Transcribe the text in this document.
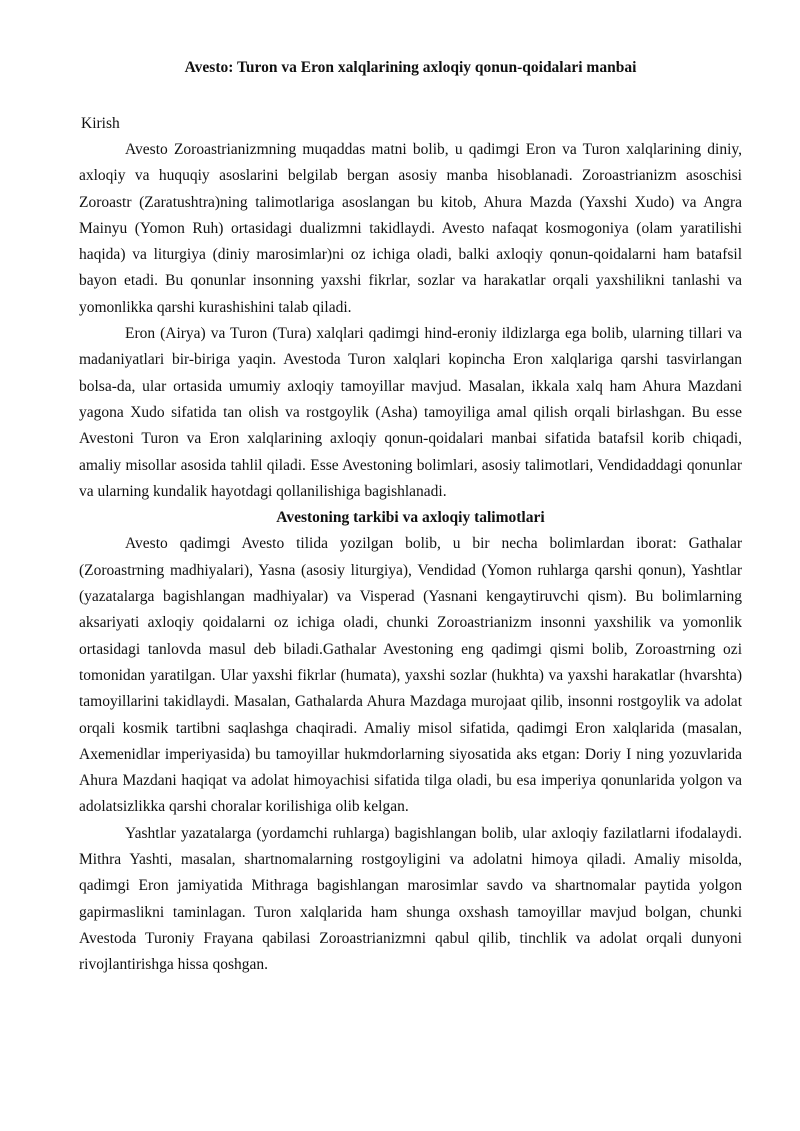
Avesto: Turon va Eron xalqlarining axloqiy qonun-qoidalari manbai

Kirish

Avesto Zoroastrianizmning muqaddas matni bolib, u qadimgi Eron va Turon xalqlarining diniy, axloqiy va huquqiy asoslarini belgilab bergan asosiy manba hisoblanadi. Zoroastrianizm asoschisi Zoroastr (Zaratushtra)ning talimotlariga asoslangan bu kitob, Ahura Mazda (Yaxshi Xudo) va Angra Mainyu (Yomon Ruh) ortasidagi dualizmni takidlaydi. Avesto nafaqat kosmogoniya (olam yaratilishi haqida) va liturgiya (diniy marosimlar)ni oz ichiga oladi, balki axloqiy qonun-qoidalarni ham batafsil bayon etadi. Bu qonunlar insonning yaxshi fikrlar, sozlar va harakatlar orqali yaxshilikni tanlashi va yomonlikka qarshi kurashishini talab qiladi.

Eron (Airya) va Turon (Tura) xalqlari qadimgi hind-eroniy ildizlarga ega bolib, ularning tillari va madaniyatlari bir-biriga yaqin. Avestoda Turon xalqlari kopincha Eron xalqlariga qarshi tasvirlangan bolsa-da, ular ortasida umumiy axloqiy tamoyillar mavjud. Masalan, ikkala xalq ham Ahura Mazdani yagona Xudo sifatida tan olish va rostgoylik (Asha) tamoyiliga amal qilish orqali birlashgan. Bu esse Avestoni Turon va Eron xalqlarining axloqiy qonun-qoidalari manbai sifatida batafsil korib chiqadi, amaliy misollar asosida tahlil qiladi. Esse Avestoning bolimlari, asosiy talimotlari, Vendidaddagi qonunlar va ularning kundalik hayotdagi qollanilishiga bagishlanadi.

Avestoning tarkibi va axloqiy talimotlari

Avesto qadimgi Avesto tilida yozilgan bolib, u bir necha bolimlardan iborat: Gathalar (Zoroastrning madhiyalari), Yasna (asosiy liturgiya), Vendidad (Yomon ruhlarga qarshi qonun), Yashtlar (yazatalarga bagishlangan madhiyalar) va Visperad (Yasnani kengaytiruvchi qism). Bu bolimlarning aksariyati axloqiy qoidalarni oz ichiga oladi, chunki Zoroastrianizm insonni yaxshilik va yomonlik ortasidagi tanlovda masul deb biladi.Gathalar Avestoning eng qadimgi qismi bolib, Zoroastrning ozi tomonidan yaratilgan. Ular yaxshi fikrlar (humata), yaxshi sozlar (hukhta) va yaxshi harakatlar (hvarshta) tamoyillarini takidlaydi. Masalan, Gathalarda Ahura Mazdaga murojaat qilib, insonni rostgoylik va adolat orqali kosmik tartibni saqlashga chaqiradi. Amaliy misol sifatida, qadimgi Eron xalqlarida (masalan, Axemenidlar imperiyasida) bu tamoyillar hukmdorlarning siyosatida aks etgan: Doriy I ning yozuvlarida Ahura Mazdani haqiqat va adolat himoyachisi sifatida tilga oladi, bu esa imperiya qonunlarida yolgon va adolatsizlikka qarshi choralar korilishiga olib kelgan.

Yashtlar yazatalarga (yordamchi ruhlarga) bagishlangan bolib, ular axloqiy fazilatlarni ifodalaydi. Mithra Yashti, masalan, shartnomalarning rostgoyligini va adolatni himoya qiladi. Amaliy misolda, qadimgi Eron jamiyatida Mithraga bagishlangan marosimlar savdo va shartnomalar paytida yolgon gapirmaslikni taminlagan. Turon xalqlarida ham shunga oxshash tamoyillar mavjud bolgan, chunki Avestoda Turoniy Frayana qabilasi Zoroastrianizmni qabul qilib, tinchlik va adolat orqali dunyoni rivojlantirishga hissa qoshgan.
